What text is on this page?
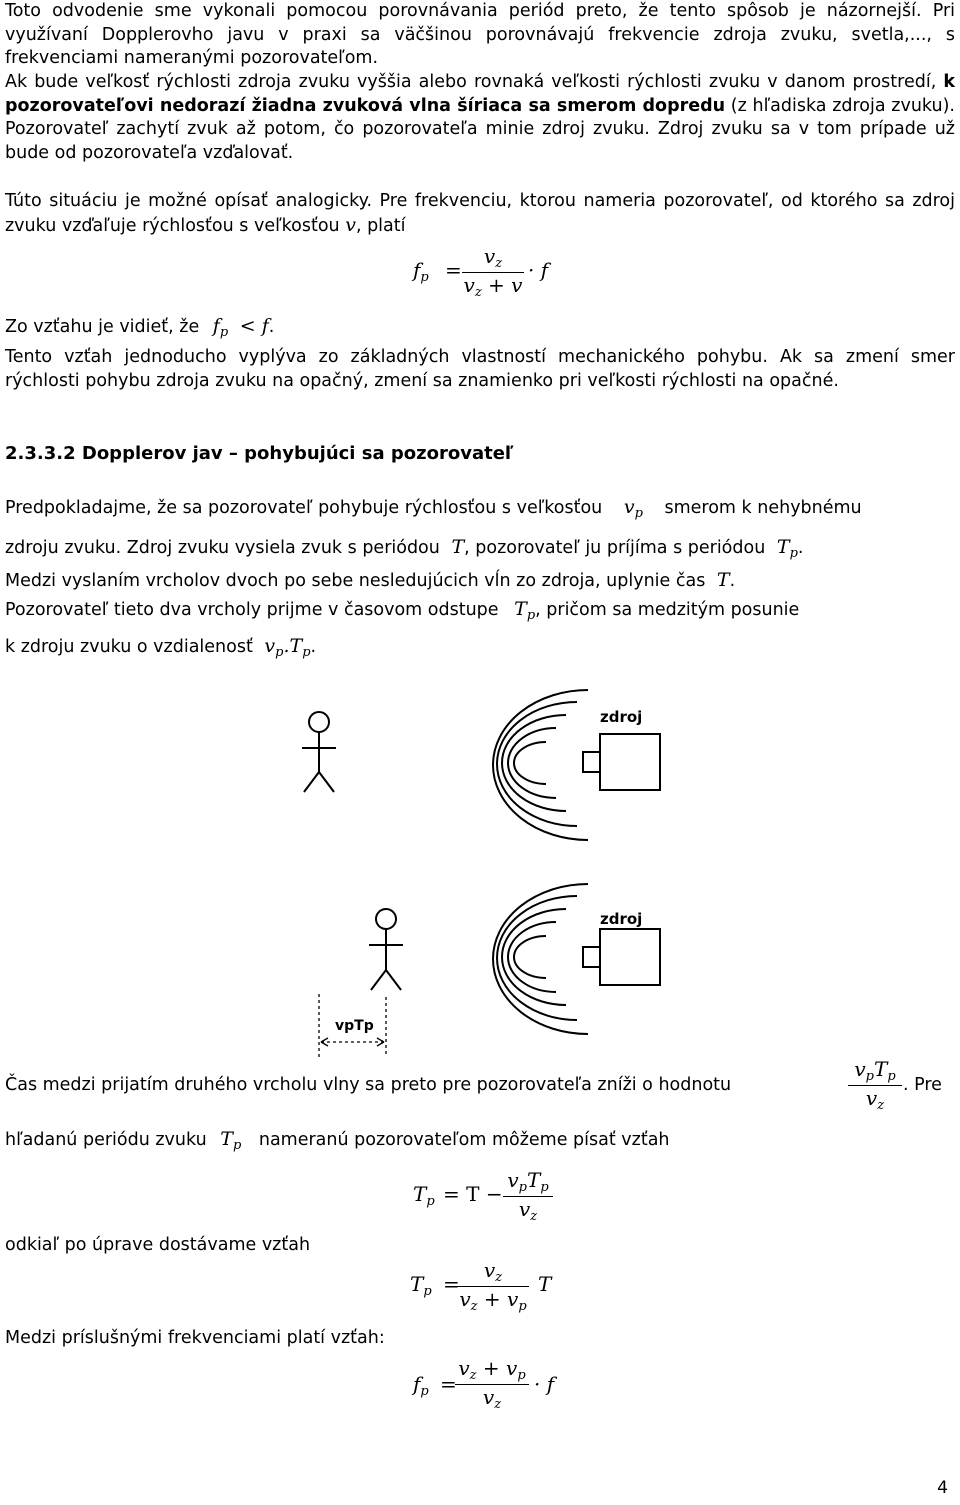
Toto odvodenie sme vykonali pomocou porovnávania periód preto, že tento spôsob je názornejší. Pri využívaní Dopplerovho javu v praxi sa väčšinou porovnávajú frekvencie zdroja zvuku, svetla,..., s frekvenciami nameranými pozorovateľom.

Ak bude veľkosť rýchlosti zdroja zvuku vyššia alebo rovnaká veľkosti rýchlosti zvuku v danom prostredí, k pozorovateľovi nedorazí žiadna zvuková vlna šíriaca sa smerom dopredu (z hľadiska zdroja zvuku). Pozorovateľ zachytí zvuk až potom, čo pozorovateľa minie zdroj zvuku. Zdroj zvuku sa v tom prípade už bude od pozorovateľa vzďalovať.

Túto situáciu je možné opísať analogicky. Pre frekvenciu, ktorou nameria pozorovateľ, od ktorého sa zdroj zvuku vzďaľuje rýchlosťou s veľkosťou v, platí

$f_p = \frac{v_z}{v_z + v} \cdot f$
Zo vzťahu je vidieť, že $f_p < f$.

Tento vzťah jednoducho vyplýva zo základných vlastností mechanického pohybu. Ak sa zmení smer rýchlosti pohybu zdroja zvuku na opačný, zmení sa znamienko pri veľkosti rýchlosti na opačné.

2.3.3.2 Dopplerov jav – pohybujúci sa pozorovateľ
Predpokladajme, že sa pozorovateľ pohybuje rýchlosťou s veľkosťou $v_p$ smerom k nehybnému
zdroju zvuku. Zdroj zvuku vysiela zvuk s periódou T, pozorovateľ ju príjíma s periódou $T_p$.
Medzi vyslaním vrcholov dvoch po sebe nesledujúcich vĺn zo zdroja, uplynie čas T.
Pozorovateľ tieto dva vrcholy prijme v časovom odstupe $T_p$, pričom sa medzitým posunie
k zdroju zvuku o vzdialenosť $v_p.T_p$.
zdroj
zdroj
vpTp
Čas medzi prijatím druhého vrcholu vlny sa preto pre pozorovateľa zníži o hodnotu
$v_pT_p$
$v_z$
. Pre
hľadanú periódu zvuku $T_p$ nameranú pozorovateľom môžeme písať vzťah
$T_p = T$ −
$v_pT_p$
$v_z$
odkiaľ po úprave dostávame vzťah
$T_p$ =
$\frac{v_z}{v_z + v_p}$ T
Medzi príslušnými frekvenciami platí vzťah:
$f_p$ =
$\frac{v_z + v_p}{v_z} \cdot f$
4
